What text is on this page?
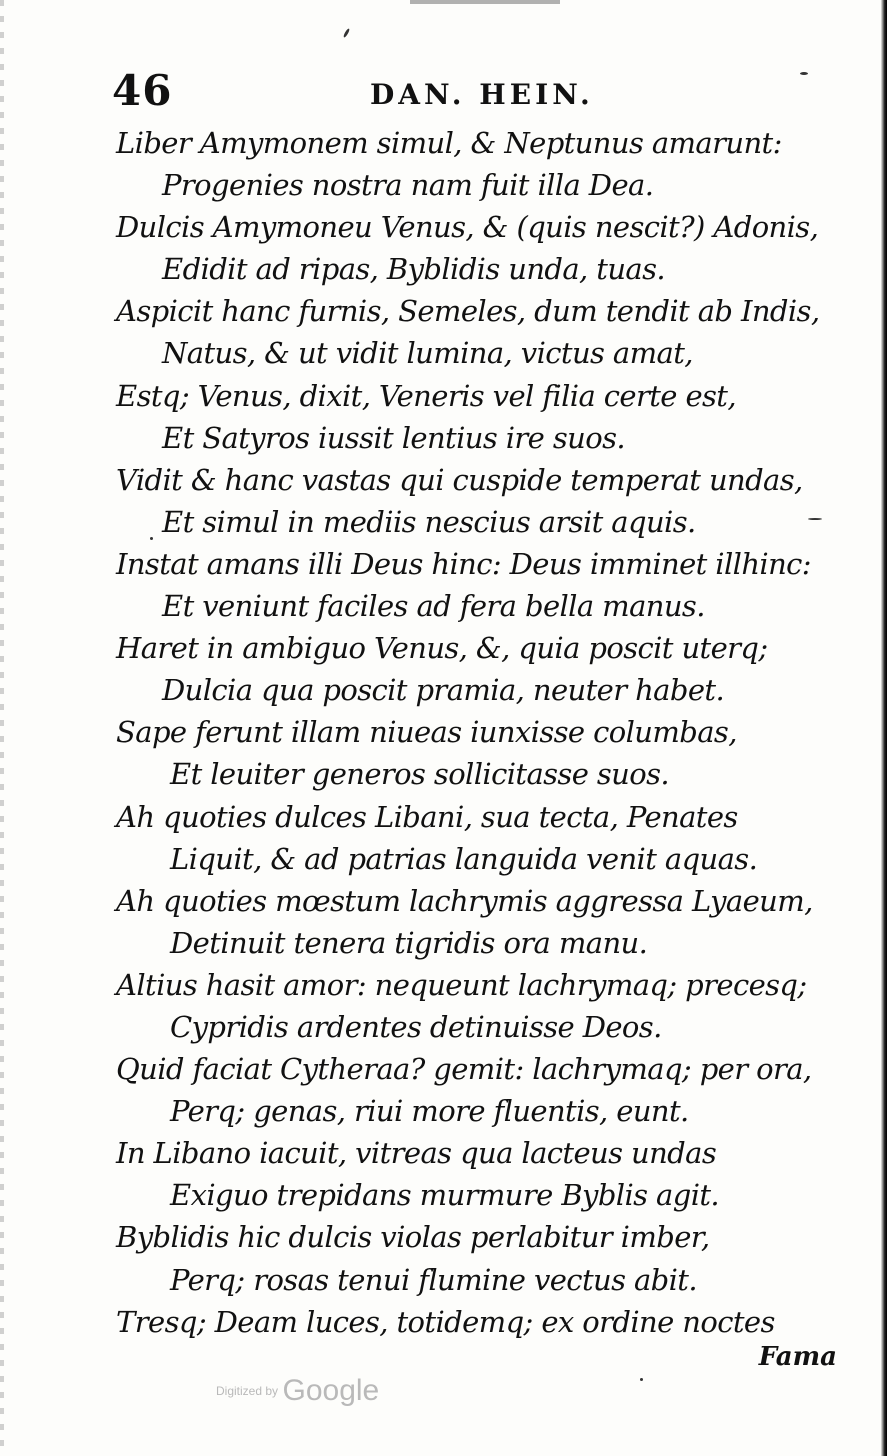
46	DAN. HEIN.
Liber Amymonem simul, & Neptunus amarunt:
Progenies nostra nam fuit illa Dea.
Dulcis Amymoneu Venus, & (quis nescit?) Adonis,
Edidit ad ripas, Byblidis unda, tuas.
Aspicit hanc furnis, Semeles, dum tendit ab Indis,
Natus, & ut vidit lumina, victus amat,
Estq; Venus, dixit, Veneris vel filia certe est,
Et Satyros iussit lentius ire suos.
Vidit & hanc vastas qui cuspide temperat undas,
Et simul in mediis nescius arsit aquis.
Instat amans illi Deus hinc: Deus imminet illhinc:
Et veniunt faciles ad fera bella manus.
Haret in ambiguo Venus, &, quia poscit uterq;
Dulcia qua poscit pramia, neuter habet.
Sape ferunt illam niueas iunxisse columbas,
Et leuiter generos sollicitasse suos.
Ah quoties dulces Libani, sua tecta, Penates
Liquit, & ad patrias languida venit aquas.
Ah quoties mœstum lachrymis aggressa Lyaeum,
Detinuit tenera tigridis ora manu.
Altius hasit amor: nequeunt lachrymaq; precesq;
Cypridis ardentes detinuisse Deos.
Quid faciat Cytheraa? gemit: lachrymaq; per ora,
Perq; genas, riui more fluentis, eunt.
In Libano iacuit, vitreas qua lacteus undas
Exiguo trepidans murmure Byblis agit.
Byblidis hic dulcis violas perlabitur imber,
Perq; rosas tenui flumine vectus abit.
Tresq; Deam luces, totidemq; ex ordine noctes
Fama
Digitized by Google
